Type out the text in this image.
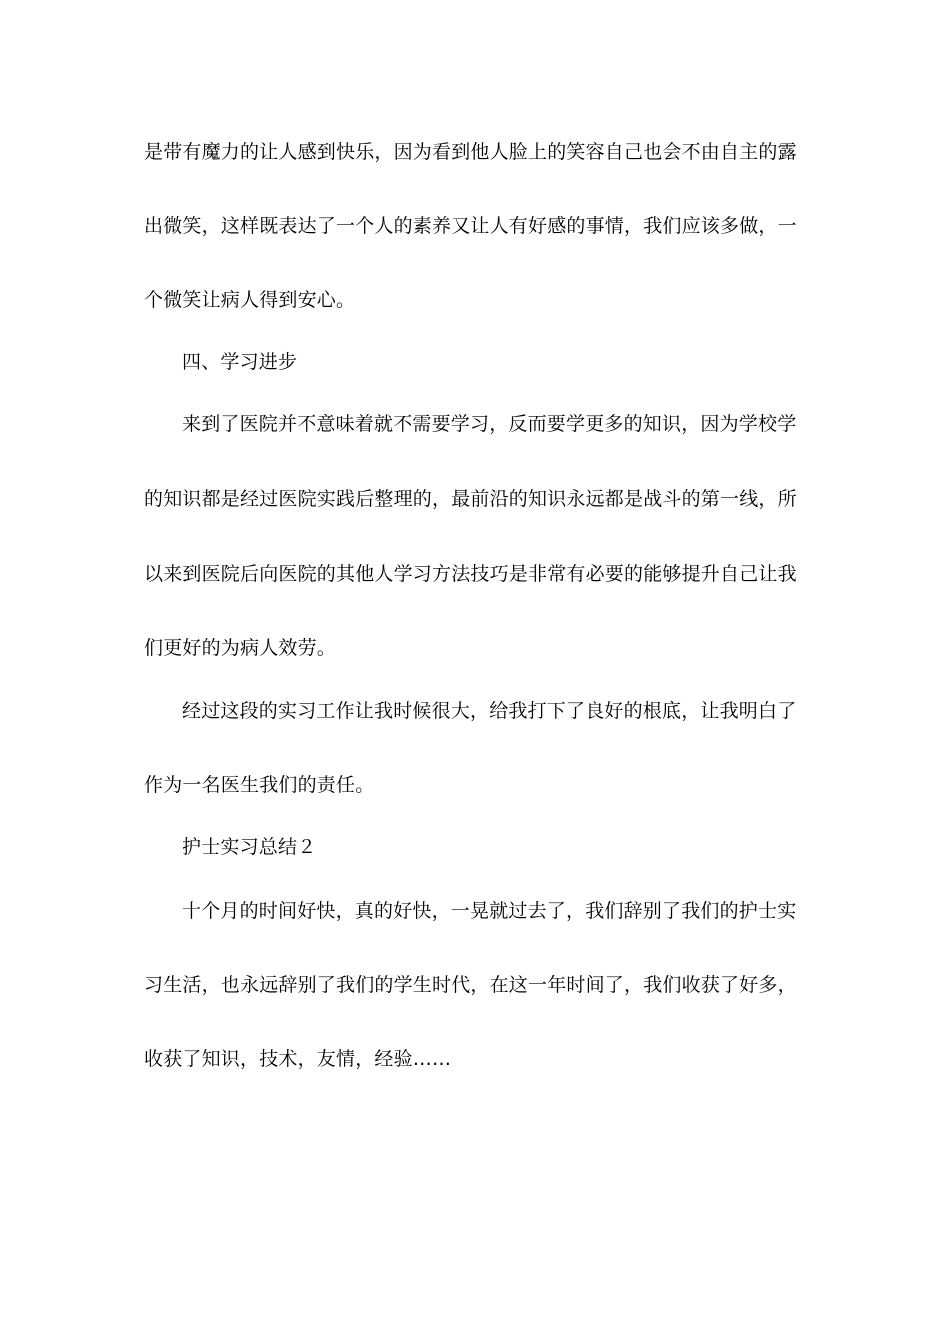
是带有魔力的让人感到快乐，因为看到他人脸上的笑容自己也会不由自主的露
出微笑，这样既表达了一个人的素养又让人有好感的事情，我们应该多做，一
个微笑让病人得到安心。
四、学习进步
来到了医院并不意味着就不需要学习，反而要学更多的知识，因为学校学
的知识都是经过医院实践后整理的，最前沿的知识永远都是战斗的第一线，所
以来到医院后向医院的其他人学习方法技巧是非常有必要的能够提升自己让我
们更好的为病人效劳。
经过这段的实习工作让我时候很大，给我打下了良好的根底，让我明白了
作为一名医生我们的责任。
护士实习总结２
十个月的时间好快，真的好快，一晃就过去了，我们辞别了我们的护士实
习生活，也永远辞别了我们的学生时代，在这一年时间了，我们收获了好多，
收获了知识，技术，友情，经验……
